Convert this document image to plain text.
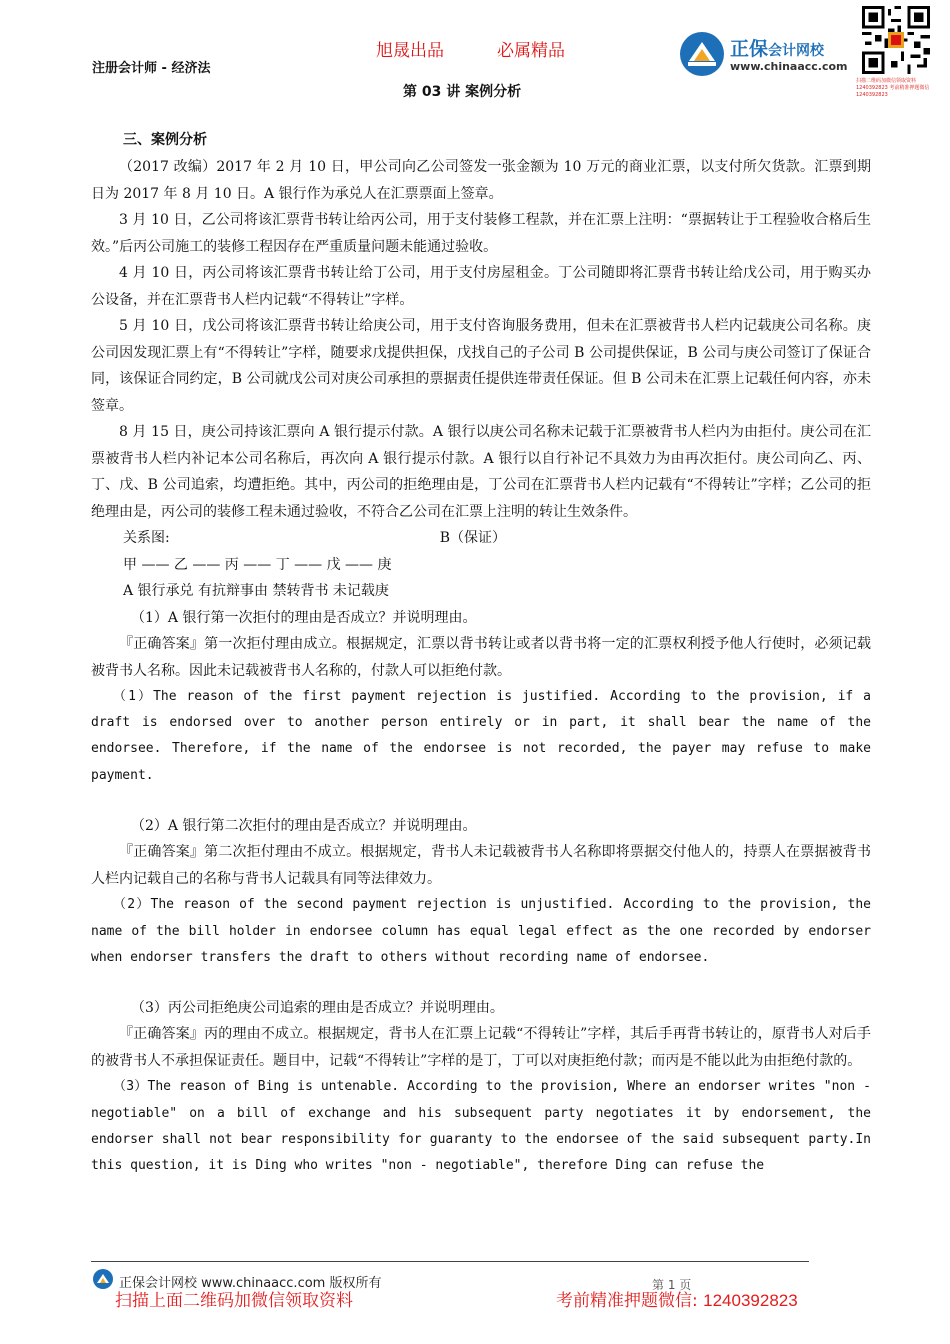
注册会计师 - 经济法
旭晟出品	必属精品
第 03 讲 案例分析
正保会计网校
www.chinaacc.com
扫描二维码加微信领取资料 1240392823 考前精准押题微信 1240392823
三、案例分析

（2017 改编）2017 年 2 月 10 日，甲公司向乙公司签发一张金额为 10 万元的商业汇票，以支付所欠货款。汇票到期日为 2017 年 8 月 10 日。A 银行作为承兑人在汇票票面上签章。

3 月 10 日，乙公司将该汇票背书转让给丙公司，用于支付装修工程款，并在汇票上注明：“票据转让于工程验收合格后生效。”后丙公司施工的装修工程因存在严重质量问题未能通过验收。

4 月 10 日，丙公司将该汇票背书转让给丁公司，用于支付房屋租金。丁公司随即将汇票背书转让给戊公司，用于购买办公设备，并在汇票背书人栏内记载“不得转让”字样。

5 月 10 日，戊公司将该汇票背书转让给庚公司，用于支付咨询服务费用，但未在汇票被背书人栏内记载庚公司名称。庚公司因发现汇票上有“不得转让”字样，随要求戊提供担保，戊找自己的子公司 B 公司提供保证，B 公司与庚公司签订了保证合同，该保证合同约定，B 公司就戊公司对庚公司承担的票据责任提供连带责任保证。但 B 公司未在汇票上记载任何内容，亦未签章。

8 月 15 日，庚公司持该汇票向 A 银行提示付款。A 银行以庚公司名称未记载于汇票被背书人栏内为由拒付。庚公司在汇票被背书人栏内补记本公司名称后，再次向 A 银行提示付款。A 银行以自行补记不具效力为由再次拒付。庚公司向乙、丙、丁、戊、B 公司追索，均遭拒绝。其中，丙公司的拒绝理由是，丁公司在汇票背书人栏内记载有“不得转让”字样；乙公司的拒绝理由是，丙公司的装修工程未通过验收，不符合乙公司在汇票上注明的转让生效条件。

关系图:	B（保证）
甲 —— 乙 —— 丙 —— 丁 —— 戊 —— 庚
A 银行承兑 有抗辩事由 禁转背书 未记载庚
（1）A 银行第一次拒付的理由是否成立？并说明理由。

『正确答案』第一次拒付理由成立。根据规定，汇票以背书转让或者以背书将一定的汇票权利授予他人行使时，必须记载被背书人名称。因此未记载被背书人名称的，付款人可以拒绝付款。

（1）The reason of the first payment rejection is justified. According to the provision, if a draft is endorsed over to another person entirely or in part, it shall bear the name of the endorsee. Therefore, if the name of the endorsee is not recorded, the payer may refuse to make payment.

（2）A 银行第二次拒付的理由是否成立？并说明理由。

『正确答案』第二次拒付理由不成立。根据规定，背书人未记载被背书人名称即将票据交付他人的，持票人在票据被背书人栏内记载自己的名称与背书人记载具有同等法律效力。

（2）The reason of the second payment rejection is unjustified. According to the provision, the name of the bill holder in endorsee column has equal legal effect as the one recorded by endorser when endorser transfers the draft to others without recording name of endorsee.

（3）丙公司拒绝庚公司追索的理由是否成立？并说明理由。

『正确答案』丙的理由不成立。根据规定，背书人在汇票上记载“不得转让”字样，其后手再背书转让的，原背书人对后手的被背书人不承担保证责任。题目中，记载“不得转让”字样的是丁，丁可以对庚拒绝付款；而丙是不能以此为由拒绝付款的。

（3）The reason of Bing is untenable. According to the provision, Where an endorser writes "non - negotiable" on a bill of exchange and his subsequent party negotiates it by endorsement, the endorser shall not bear responsibility for guaranty to the endorsee of the said subsequent party.In this question, it is Ding who writes "non - negotiable", therefore Ding can refuse the

正保会计网校 www.chinaacc.com 版权所有	第 1 页
扫描上面二维码加微信领取资料	考前精准押题微信: 1240392823
